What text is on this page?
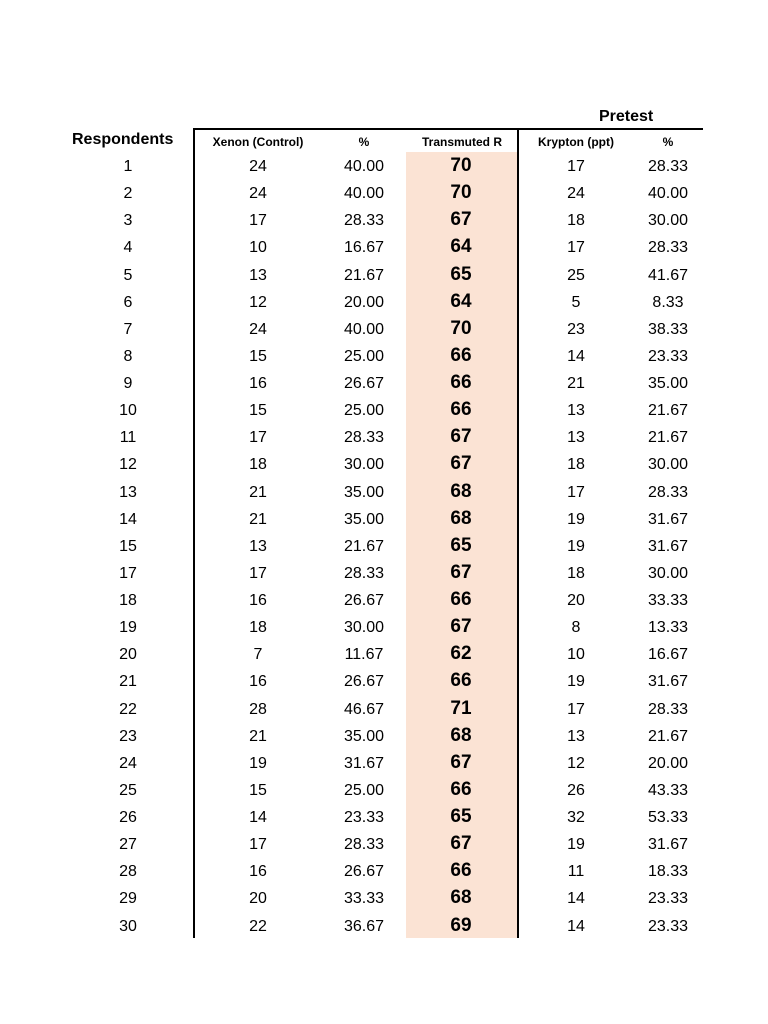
Pretest
Respondents	Xenon (Control)	%	Transmuted R	Krypton (ppt)	%
1	24	40.00	70	17	28.33
2	24	40.00	70	24	40.00
3	17	28.33	67	18	30.00
4	10	16.67	64	17	28.33
5	13	21.67	65	25	41.67
6	12	20.00	64	5	8.33
7	24	40.00	70	23	38.33
8	15	25.00	66	14	23.33
9	16	26.67	66	21	35.00
10	15	25.00	66	13	21.67
11	17	28.33	67	13	21.67
12	18	30.00	67	18	30.00
13	21	35.00	68	17	28.33
14	21	35.00	68	19	31.67
15	13	21.67	65	19	31.67
17	17	28.33	67	18	30.00
18	16	26.67	66	20	33.33
19	18	30.00	67	8	13.33
20	7	11.67	62	10	16.67
21	16	26.67	66	19	31.67
22	28	46.67	71	17	28.33
23	21	35.00	68	13	21.67
24	19	31.67	67	12	20.00
25	15	25.00	66	26	43.33
26	14	23.33	65	32	53.33
27	17	28.33	67	19	31.67
28	16	26.67	66	11	18.33
29	20	33.33	68	14	23.33
30	22	36.67	69	14	23.33
